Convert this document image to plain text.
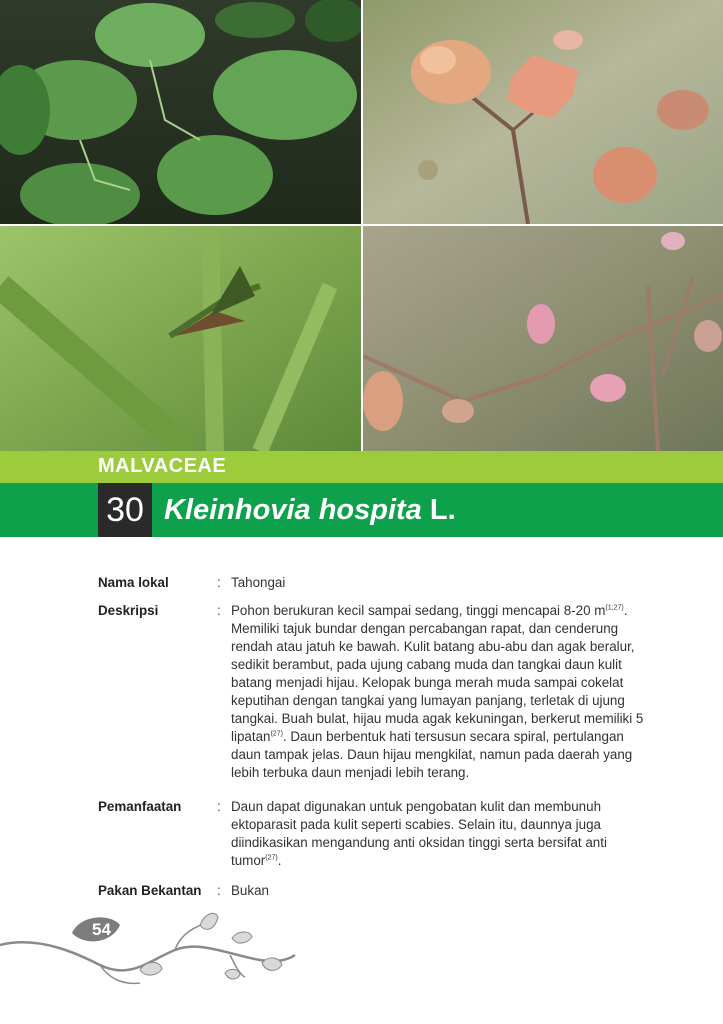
MALVACEAE
30 Kleinhovia hospita L.
Nama lokal	: Tahongai
Deskripsi	: Pohon berukuran kecil sampai sedang, tinggi mencapai 8-20 $m^{(1;27)}$. Memiliki tajuk bundar dengan percabangan rapat, dan cenderung rendah atau jatuh ke bawah. Kulit batang abu-abu dan agak beralur, sedikit berambut, pada ujung cabang muda dan tangkai daun kulit batang menjadi hijau. Kelopak bunga merah muda sampai cokelat keputihan dengan tangkai yang lumayan panjang, terletak di ujung tangkai. Buah bulat, hijau muda agak kekuningan, berkerut memiliki 5 lipatan$^{(27)}$. Daun berbentuk hati tersusun secara spiral, pertulangan daun tampak jelas. Daun hijau mengkilat, namun pada daerah yang lebih terbuka daun menjadi lebih terang.
Pemanfaatan	: Daun dapat digunakan untuk pengobatan kulit dan membunuh ektoparasit pada kulit seperti scabies. Selain itu, daunnya juga diindikasikan mengandung anti oksidan tinggi serta bersifat anti tumor$^{(27)}$.
Pakan Bekantan : Bukan
54
